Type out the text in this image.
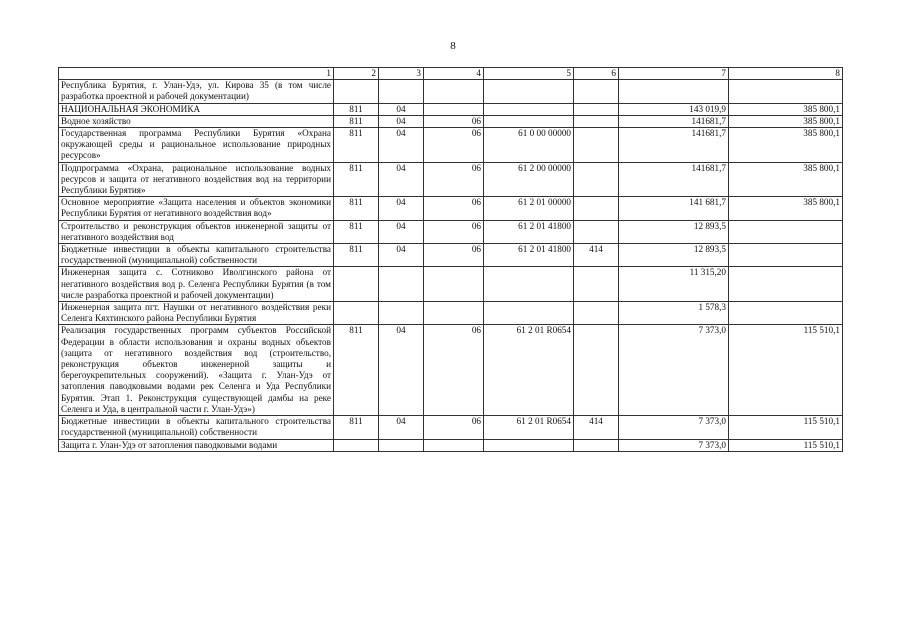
8
1	2	3	4	5	6	7	8
Республика Бурятия, г. Улан-Удэ, ул. Кирова 35 (в том числе разработка проектной и рабочей документации)							
НАЦИОНАЛЬНАЯ ЭКОНОМИКА	811	04				143 019,9	385 800,1
Водное хозяйство	811	04	06			141681,7	385 800,1
Государственная программа Республики Бурятия «Охрана окружающей среды и рациональное использование природных ресурсов»	811	04	06	61 0 00 00000		141681,7	385 800,1
Подпрограмма «Охрана, рациональное использование водных ресурсов и защита от негативного воздействия вод на территории Республики Бурятия»	811	04	06	61 2 00 00000		141681,7	385 800,1
Основное мероприятие «Защита населения и объектов экономики Республики Бурятия от негативного воздействия вод»	811	04	06	61 2 01 00000		141 681,7	385 800,1
Строительство и реконструкция объектов инженерной защиты от негативного воздействия вод	811	04	06	61 2 01 41800		12 893,5	
Бюджетные инвестиции в объекты капитального строительства государственной (муниципальной) собственности	811	04	06	61 2 01 41800	414	12 893,5	
Инженерная защита с. Сотниково Иволгинского района от негативного воздействия вод р. Селенга Республики Бурятия (в том числе разработка проектной и рабочей документации)						11 315,20	
Инженерная защита пгт. Наушки от негативного воздействия реки Селенга Кяхтинского района Республики Бурятия						1 578,3	
Реализация государственных программ субъектов Российской Федерации в области использования и охраны водных объектов (защита от негативного воздействия вод (строительство, реконструкция объектов инженерной защиты и берегоукрепительных сооружений). «Защита г. Улан-Удэ от затопления паводковыми водами рек Селенга и Уда Республики Бурятия. Этап 1. Реконструкция существующей дамбы на реке Селенга и Уда, в центральной части г. Улан-Удэ»)	811	04	06	61 2 01 R0654		7 373,0	115 510,1
Бюджетные инвестиции в объекты капитального строительства государственной (муниципальной) собственности	811	04	06	61 2 01 R0654	414	7 373,0	115 510,1
Защита г. Улан-Удэ от затопления паводковыми водами						7 373,0	115 510,1
